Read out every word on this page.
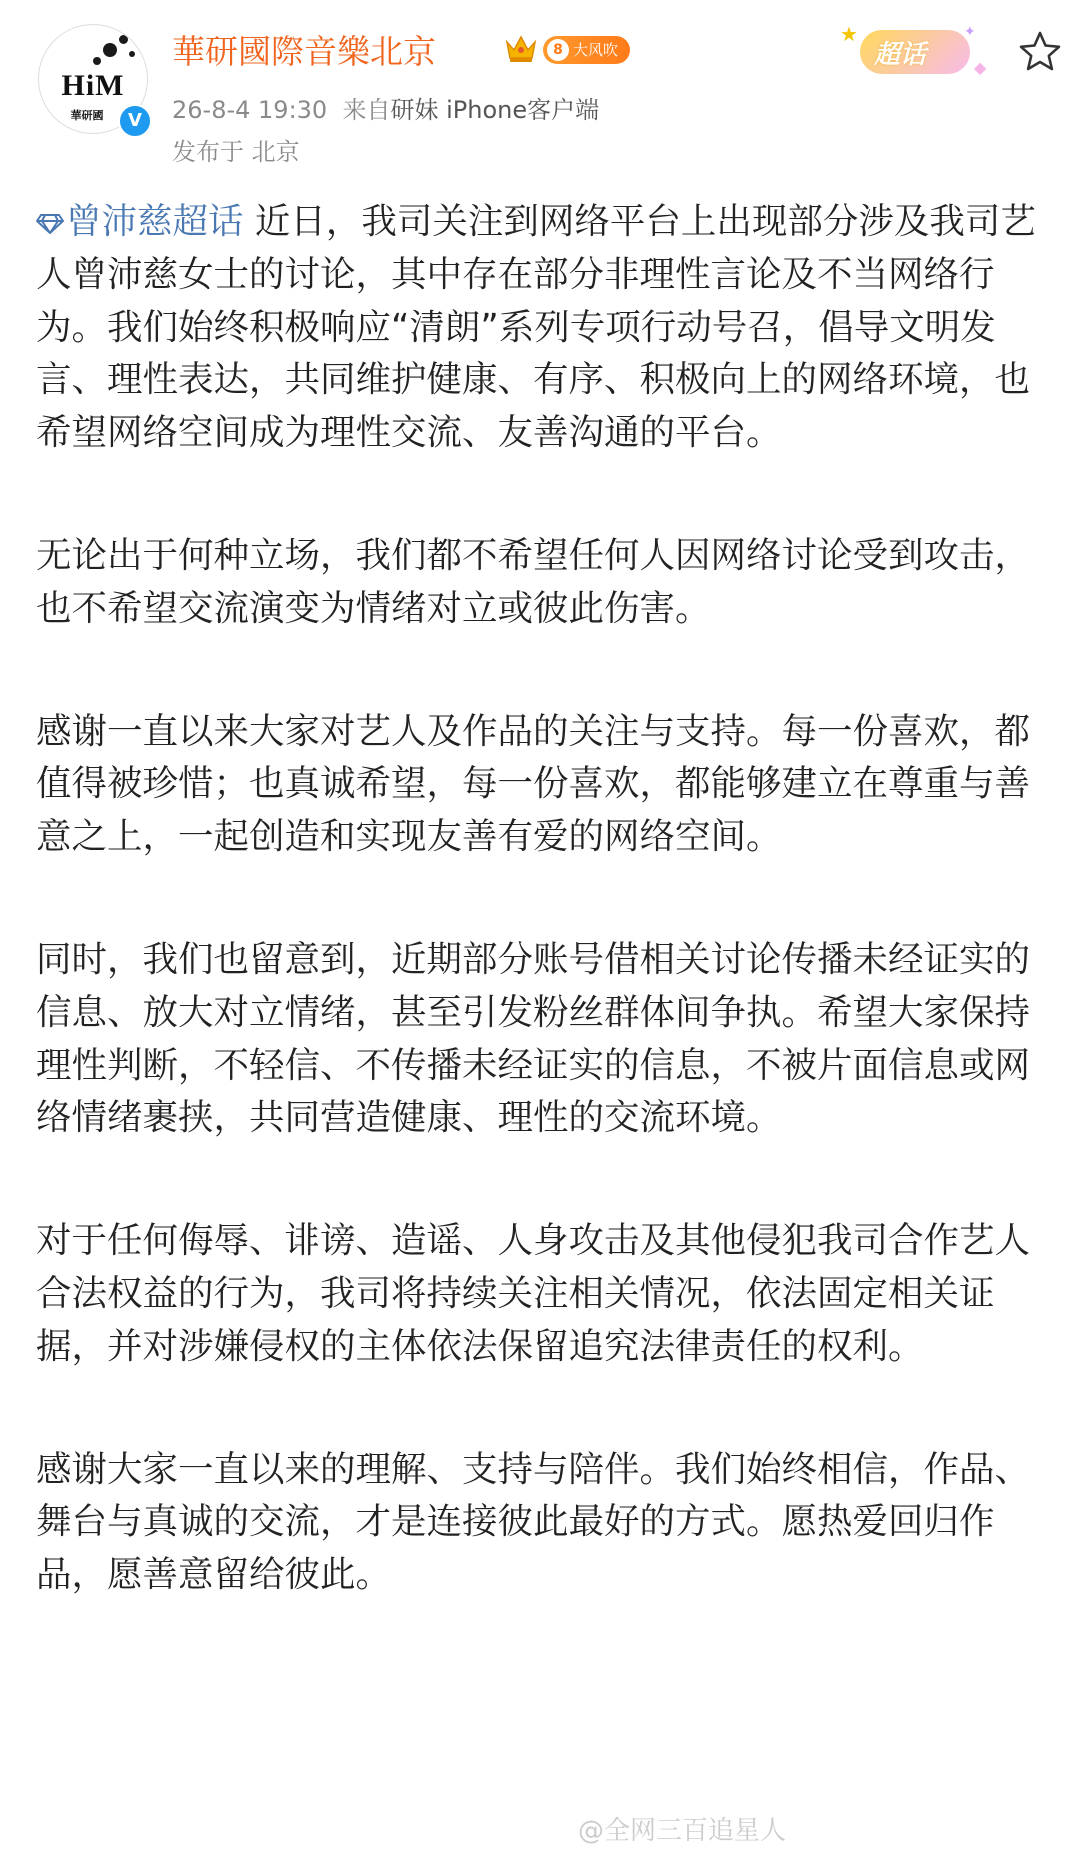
HiM
華研國	V
華研國際音樂北京	8 大风吹
26-8-4 19:30 来自研妹 iPhone客户端
发布于 北京
★	✦
◆
超话

曾沛慈超话 近日，我司关注到网络平台上出现部分涉及我司艺人曾沛慈女士的讨论，其中存在部分非理性言论及不当网络行为。我们始终积极响应“清朗”系列专项行动号召，倡导文明发言、理性表达，共同维护健康、有序、积极向上的网络环境，也希望网络空间成为理性交流、友善沟通的平台。

无论出于何种立场，我们都不希望任何人因网络讨论受到攻击，也不希望交流演变为情绪对立或彼此伤害。

感谢一直以来大家对艺人及作品的关注与支持。每一份喜欢，都值得被珍惜；也真诚希望，每一份喜欢，都能够建立在尊重与善意之上，一起创造和实现友善有爱的网络空间。

同时，我们也留意到，近期部分账号借相关讨论传播未经证实的信息、放大对立情绪，甚至引发粉丝群体间争执。希望大家保持理性判断，不轻信、不传播未经证实的信息，不被片面信息或网络情绪裹挟，共同营造健康、理性的交流环境。

对于任何侮辱、诽谤、造谣、人身攻击及其他侵犯我司合作艺人合法权益的行为，我司将持续关注相关情况，依法固定相关证据，并对涉嫌侵权的主体依法保留追究法律责任的权利。

感谢大家一直以来的理解、支持与陪伴。我们始终相信，作品、舞台与真诚的交流，才是连接彼此最好的方式。愿热爱回归作品，愿善意留给彼此。

@全网三百追星人
